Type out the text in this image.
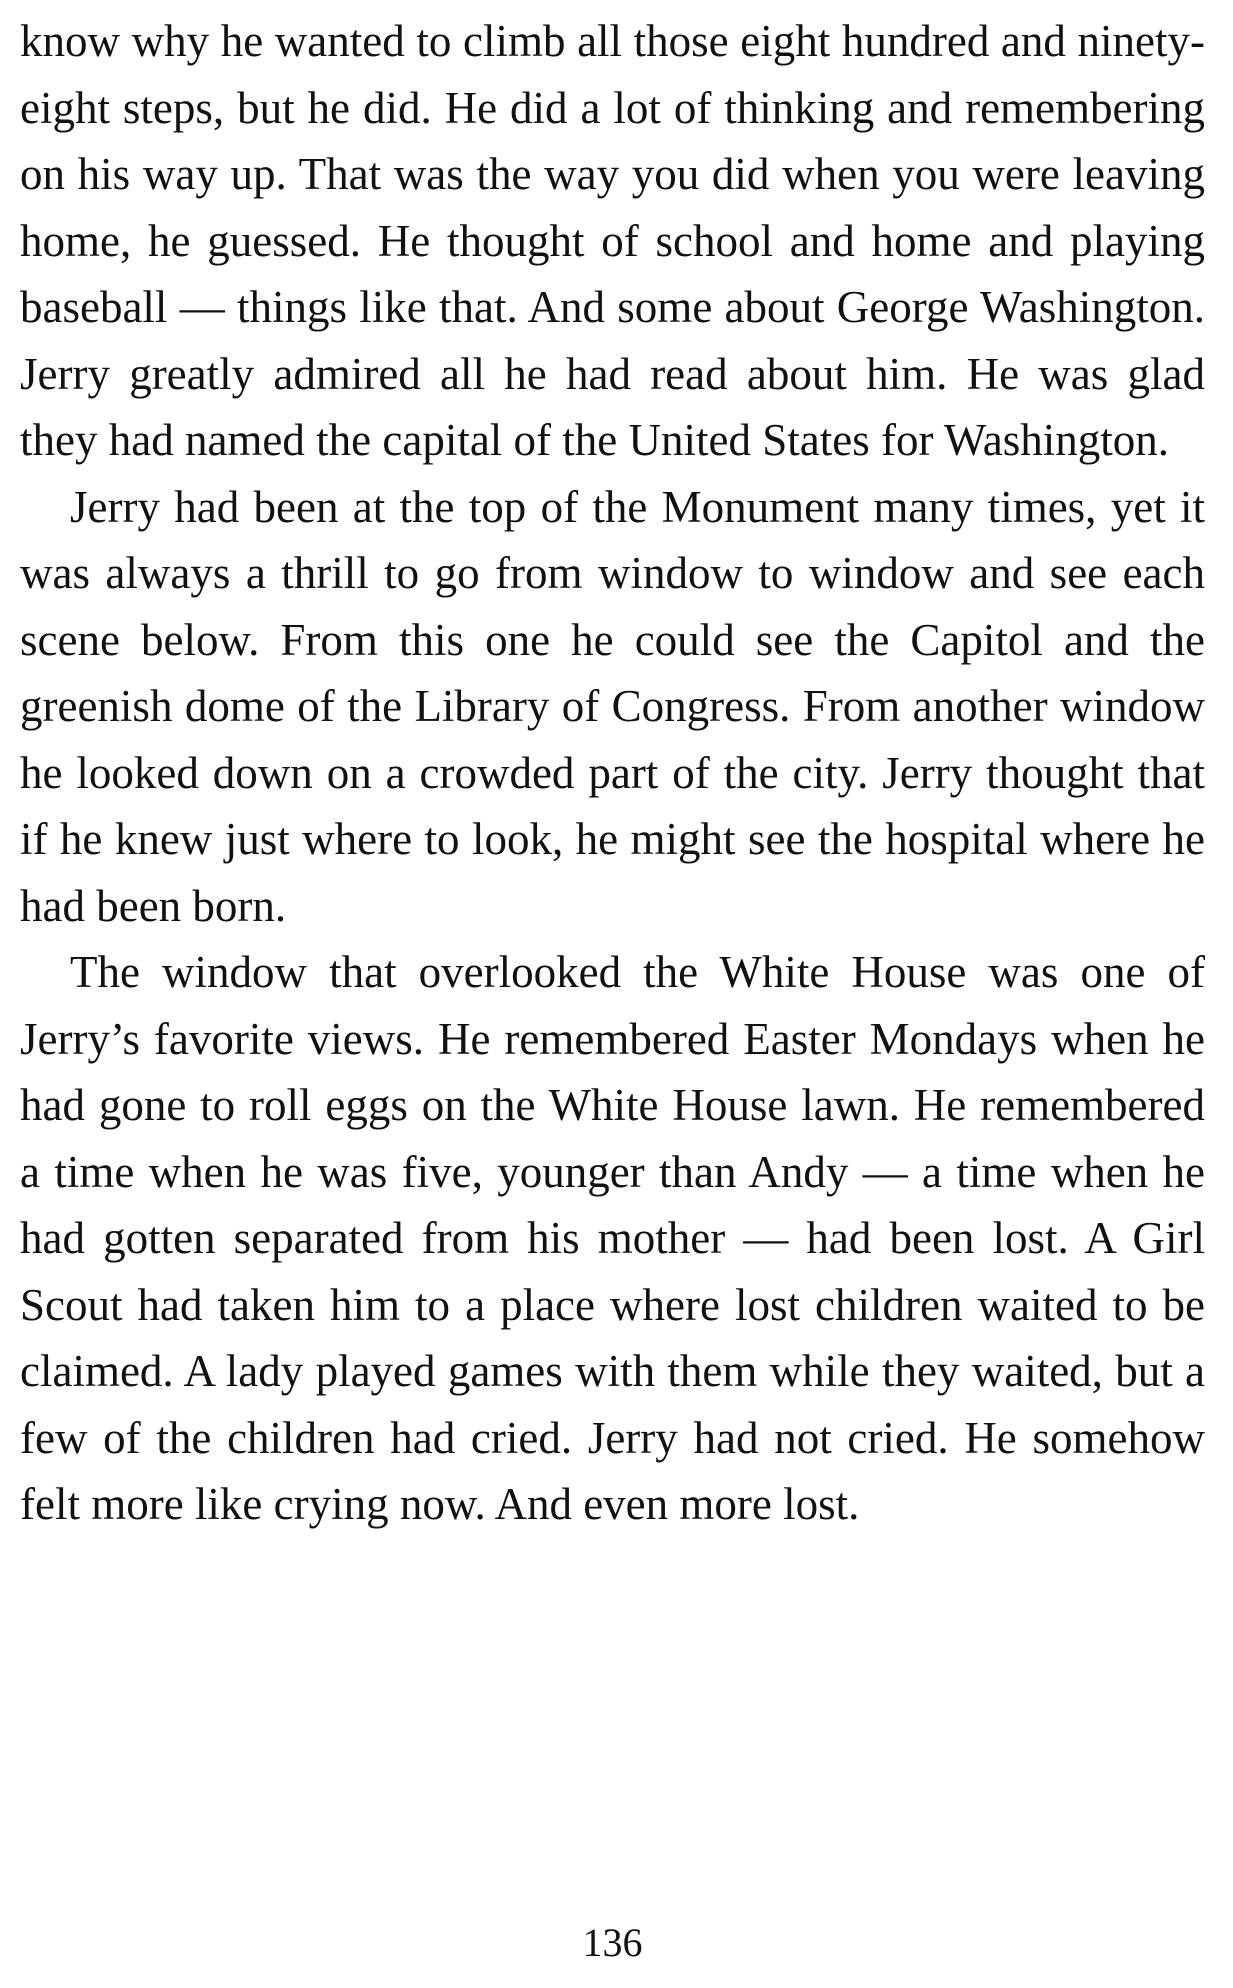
know why he wanted to climb all those eight hundred and ninety-eight steps, but he did. He did a lot of thinking and remembering on his way up. That was the way you did when you were leaving home, he guessed. He thought of school and home and playing baseball — things like that. And some about George Washington. Jerry greatly admired all he had read about him. He was glad they had named the capital of the United States for Washington.

Jerry had been at the top of the Monument many times, yet it was always a thrill to go from window to window and see each scene below. From this one he could see the Capitol and the greenish dome of the Library of Congress. From another window he looked down on a crowded part of the city. Jerry thought that if he knew just where to look, he might see the hospital where he had been born.

The window that overlooked the White House was one of Jerry’s favorite views. He remembered Easter Mondays when he had gone to roll eggs on the White House lawn. He remembered a time when he was five, younger than Andy — a time when he had gotten separated from his mother — had been lost. A Girl Scout had taken him to a place where lost children waited to be claimed. A lady played games with them while they waited, but a few of the children had cried. Jerry had not cried. He somehow felt more like crying now. And even more lost.

136
